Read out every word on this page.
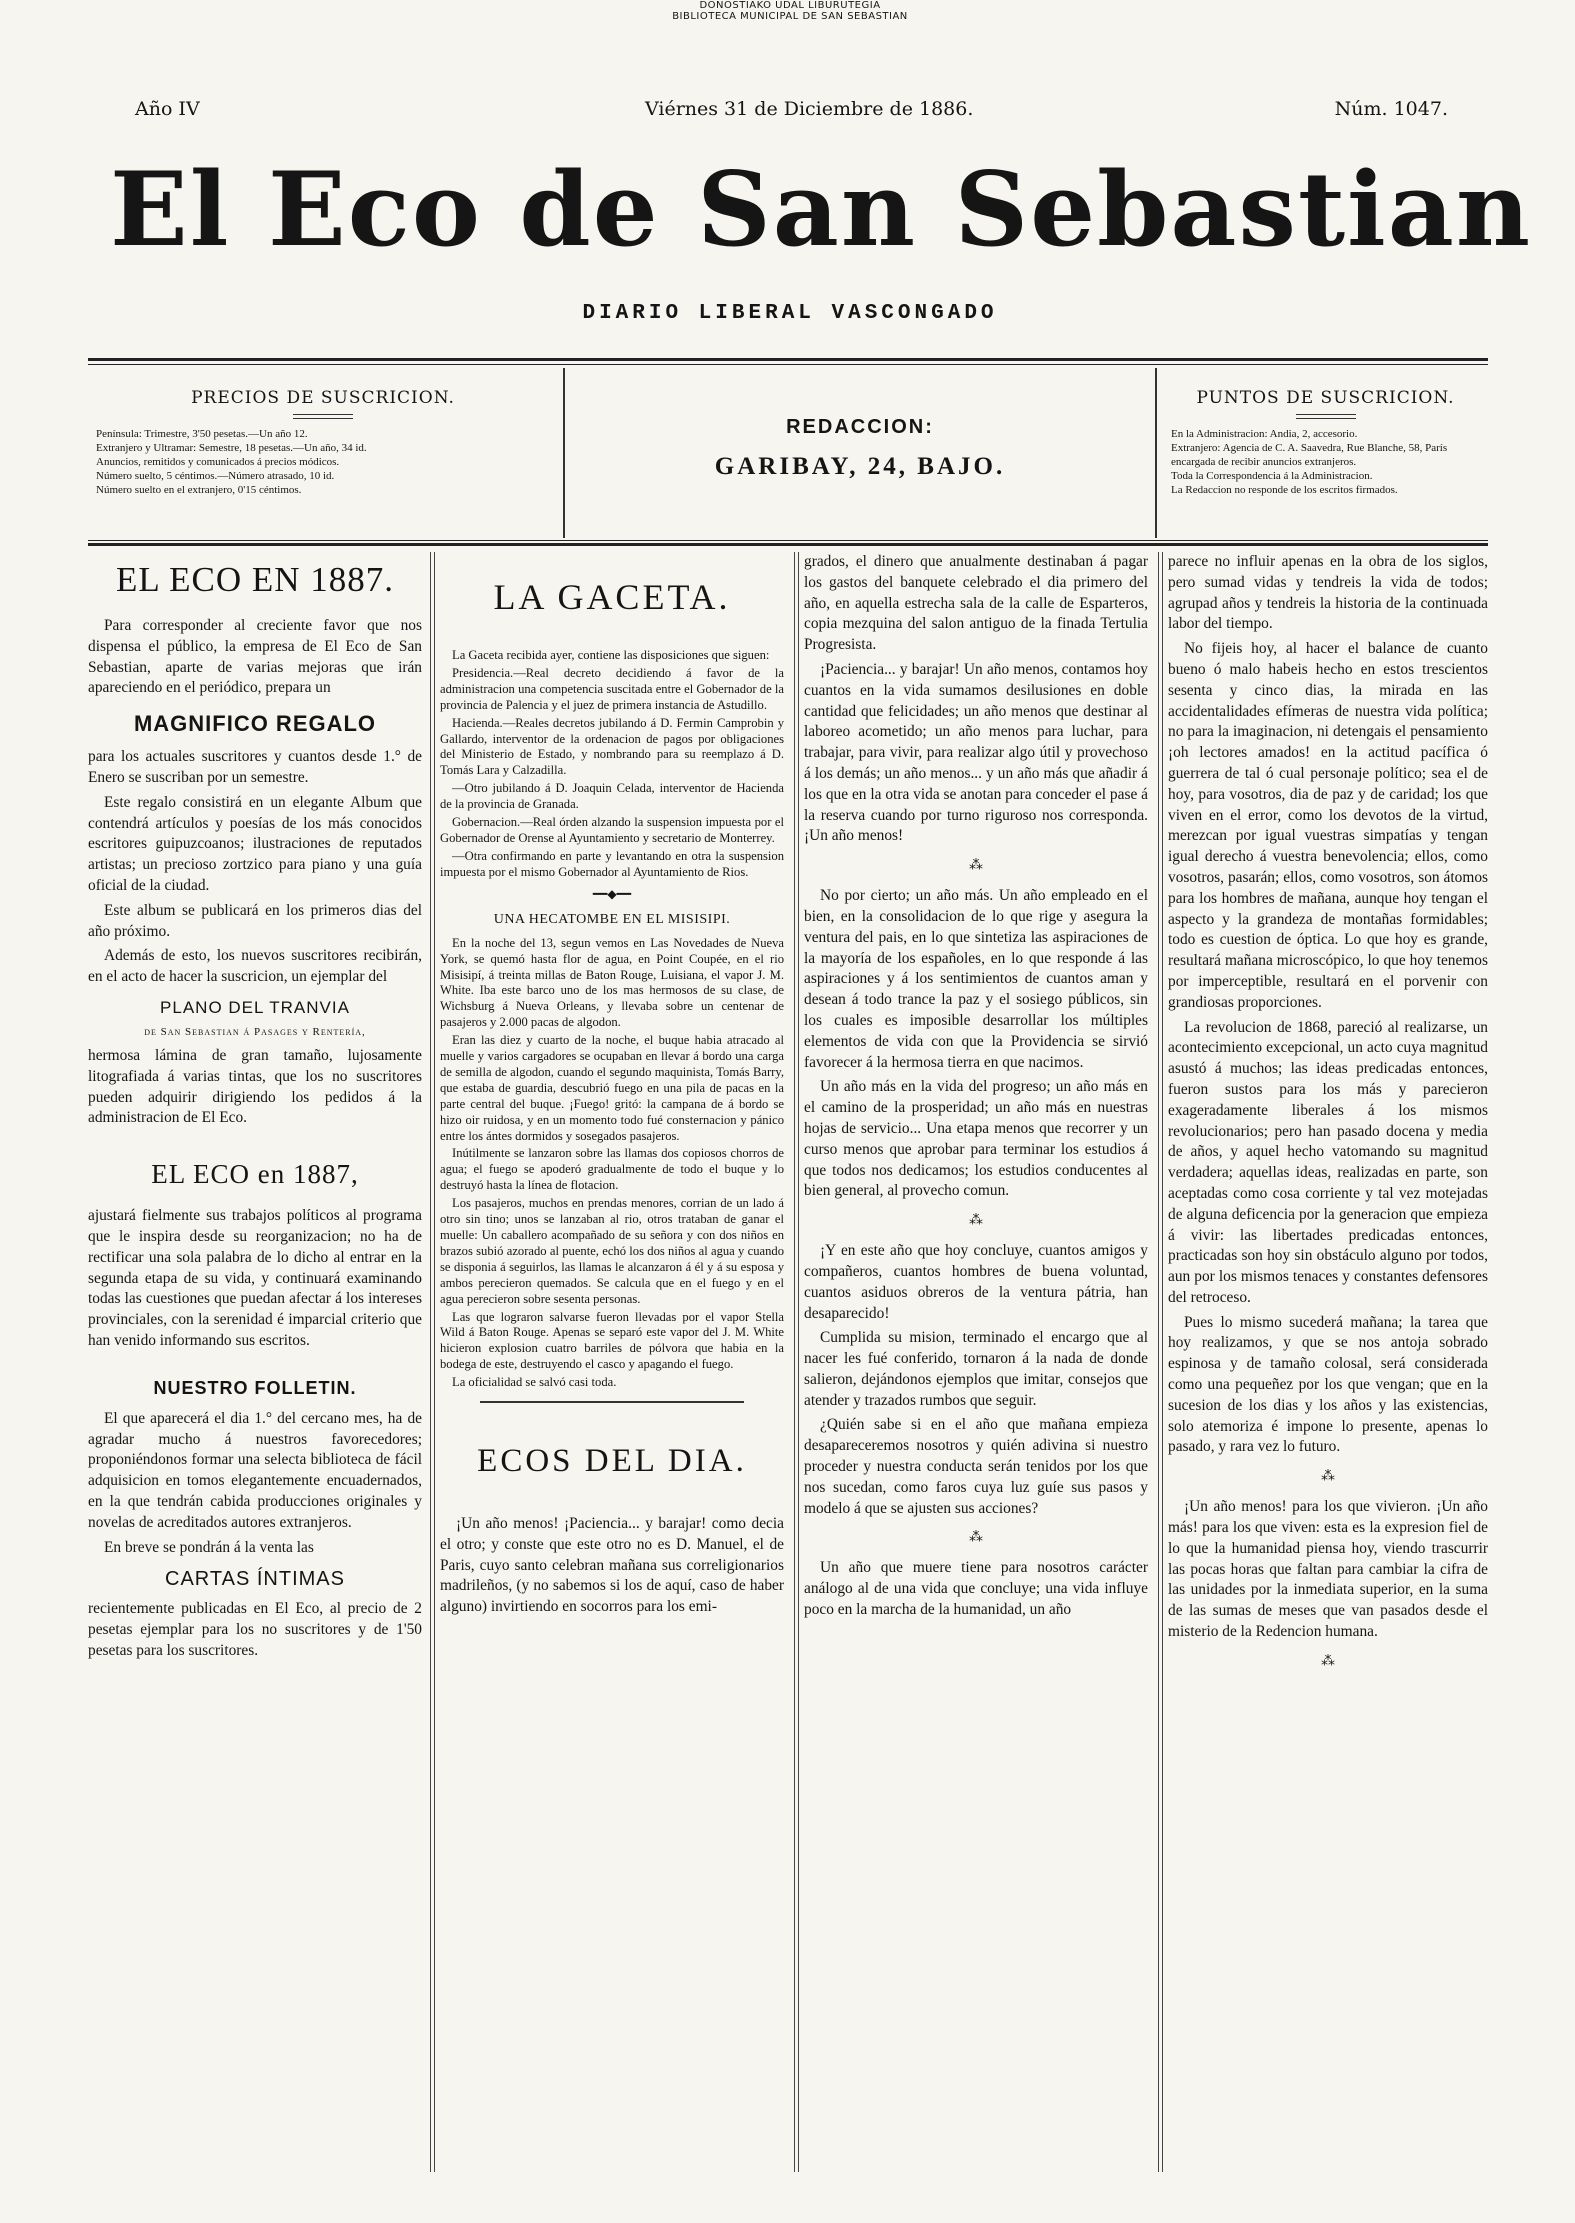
DONOSTIAKO UDAL LIBURUTEGIA
BIBLIOTECA MUNICIPAL DE SAN SEBASTIAN
Año IV	Viérnes 31 de Diciembre de 1886.	Núm. 1047.
El Eco de San Sebastian
DIARIO LIBERAL VASCONGADO
PRECIOS DE SUSCRICION.
Península: Trimestre, 3'50 pesetas.—Un año 12.
Extranjero y Ultramar: Semestre, 18 pesetas.—Un año, 34 id.
Anuncios, remitidos y comunicados á precios módicos.
Número suelto, 5 céntimos.—Número atrasado, 10 id.
Número suelto en el extranjero, 0'15 céntimos.
REDACCION:
GARIBAY, 24, BAJO.
PUNTOS DE SUSCRICION.
En la Administracion: Andia, 2, accesorio.
Extranjero: Agencia de C. A. Saavedra, Rue Blanche, 58, París encargada de recibir anuncios extranjeros.
Toda la Correspondencia á la Administracion.
La Redaccion no responde de los escritos firmados.
EL ECO EN 1887.

Para corresponder al creciente favor que nos dispensa el público, la empresa de El Eco de San Sebastian, aparte de varias mejoras que irán apareciendo en el periódico, prepara un

MAGNIFICO REGALO

para los actuales suscritores y cuantos desde 1.° de Enero se suscriban por un semestre.

Este regalo consistirá en un elegante Album que contendrá artículos y poesías de los más conocidos escritores guipuzcoanos; ilustraciones de reputados artistas; un precioso zortzico para piano y una guía oficial de la ciudad.

Este album se publicará en los primeros dias del año próximo.

Además de esto, los nuevos suscritores recibirán, en el acto de hacer la suscricion, un ejemplar del

PLANO DEL TRANVIA
de San Sebastian á Pasages y Rentería,

hermosa lámina de gran tamaño, lujosamente litografiada á varias tintas, que los no suscritores pueden adquirir dirigiendo los pedidos á la administracion de El Eco.

EL ECO en 1887,

ajustará fielmente sus trabajos políticos al programa que le inspira desde su reorganizacion; no ha de rectificar una sola palabra de lo dicho al entrar en la segunda etapa de su vida, y continuará examinando todas las cuestiones que puedan afectar á los intereses provinciales, con la serenidad é imparcial criterio que han venido informando sus escritos.

NUESTRO FOLLETIN.

El que aparecerá el dia 1.° del cercano mes, ha de agradar mucho á nuestros favorecedores; proponiéndonos formar una selecta biblioteca de fácil adquisicion en tomos elegantemente encuadernados, en la que tendrán cabida producciones originales y novelas de acreditados autores extranjeros.

En breve se pondrán á la venta las

CARTAS ÍNTIMAS

recientemente publicadas en El Eco, al precio de 2 pesetas ejemplar para los no suscritores y de 1'50 pesetas para los suscritores.

LA GACETA.

La Gaceta recibida ayer, contiene las disposiciones que siguen:

Presidencia.—Real decreto decidiendo á favor de la administracion una competencia suscitada entre el Gobernador de la provincia de Palencia y el juez de primera instancia de Astudillo.

Hacienda.—Reales decretos jubilando á D. Fermin Camprobin y Gallardo, interventor de la ordenacion de pagos por obligaciones del Ministerio de Estado, y nombrando para su reemplazo á D. Tomás Lara y Calzadilla.

—Otro jubilando á D. Joaquin Celada, interventor de Hacienda de la provincia de Granada.

Gobernacion.—Real órden alzando la suspension impuesta por el Gobernador de Orense al Ayuntamiento y secretario de Monterrey.

—Otra confirmando en parte y levantando en otra la suspension impuesta por el mismo Gobernador al Ayuntamiento de Rios.

━━◆━━
UNA HECATOMBE EN EL MISISIPI.

En la noche del 13, segun vemos en Las Novedades de Nueva York, se quemó hasta flor de agua, en Point Coupée, en el rio Misisipí, á treinta millas de Baton Rouge, Luisiana, el vapor J. M. White. Iba este barco uno de los mas hermosos de su clase, de Wichsburg á Nueva Orleans, y llevaba sobre un centenar de pasajeros y 2.000 pacas de algodon.

Eran las diez y cuarto de la noche, el buque habia atracado al muelle y varios cargadores se ocupaban en llevar á bordo una carga de semilla de algodon, cuando el segundo maquinista, Tomás Barry, que estaba de guardia, descubrió fuego en una pila de pacas en la parte central del buque. ¡Fuego! gritó: la campana de á bordo se hizo oir ruidosa, y en un momento todo fué consternacion y pánico entre los ántes dormidos y sosegados pasajeros.

Inútilmente se lanzaron sobre las llamas dos copiosos chorros de agua; el fuego se apoderó gradualmente de todo el buque y lo destruyó hasta la línea de flotacion.

Los pasajeros, muchos en prendas menores, corrian de un lado á otro sin tino; unos se lanzaban al rio, otros trataban de ganar el muelle: Un caballero acompañado de su señora y con dos niños en brazos subió azorado al puente, echó los dos niños al agua y cuando se disponia á seguirlos, las llamas le alcanzaron á él y á su esposa y ambos perecieron quemados. Se calcula que en el fuego y en el agua perecieron sobre sesenta personas.

Las que lograron salvarse fueron llevadas por el vapor Stella Wild á Baton Rouge. Apenas se separó este vapor del J. M. White hicieron explosion cuatro barriles de pólvora que habia en la bodega de este, destruyendo el casco y apagando el fuego.

La oficialidad se salvó casi toda.

ECOS DEL DIA.

¡Un año menos! ¡Paciencia... y barajar! como decia el otro; y conste que este otro no es D. Manuel, el de Paris, cuyo santo celebran mañana sus correligionarios madrileños, (y no sabemos si los de aquí, caso de haber alguno) invirtiendo en socorros para los emi-

grados, el dinero que anualmente destinaban á pagar los gastos del banquete celebrado el dia primero del año, en aquella estrecha sala de la calle de Esparteros, copia mezquina del salon antiguo de la finada Tertulia Progresista.

¡Paciencia... y barajar! Un año menos, contamos hoy cuantos en la vida sumamos desilusiones en doble cantidad que felicidades; un año menos que destinar al laboreo acometido; un año menos para luchar, para trabajar, para vivir, para realizar algo útil y provechoso á los demás; un año menos... y un año más que añadir á los que en la otra vida se anotan para conceder el pase á la reserva cuando por turno riguroso nos corresponda. ¡Un año menos!

⁂

No por cierto; un año más. Un año empleado en el bien, en la consolidacion de lo que rige y asegura la ventura del pais, en lo que sintetiza las aspiraciones de la mayoría de los españoles, en lo que responde á las aspiraciones y á los sentimientos de cuantos aman y desean á todo trance la paz y el sosiego públicos, sin los cuales es imposible desarrollar los múltiples elementos de vida con que la Providencia se sirvió favorecer á la hermosa tierra en que nacimos.

Un año más en la vida del progreso; un año más en el camino de la prosperidad; un año más en nuestras hojas de servicio... Una etapa menos que recorrer y un curso menos que aprobar para terminar los estudios á que todos nos dedicamos; los estudios conducentes al bien general, al provecho comun.

⁂

¡Y en este año que hoy concluye, cuantos amigos y compañeros, cuantos hombres de buena voluntad, cuantos asiduos obreros de la ventura pátria, han desaparecido!

Cumplida su mision, terminado el encargo que al nacer les fué conferido, tornaron á la nada de donde salieron, dejándonos ejemplos que imitar, consejos que atender y trazados rumbos que seguir.

¿Quién sabe si en el año que mañana empieza desapareceremos nosotros y quién adivina si nuestro proceder y nuestra conducta serán tenidos por los que nos sucedan, como faros cuya luz guíe sus pasos y modelo á que se ajusten sus acciones?

⁂

Un año que muere tiene para nosotros carácter análogo al de una vida que concluye; una vida influye poco en la marcha de la humanidad, un año

parece no influir apenas en la obra de los siglos, pero sumad vidas y tendreis la vida de todos; agrupad años y tendreis la historia de la continuada labor del tiempo.

No fijeis hoy, al hacer el balance de cuanto bueno ó malo habeis hecho en estos trescientos sesenta y cinco dias, la mirada en las accidentalidades efímeras de nuestra vida política; no para la imaginacion, ni detengais el pensamiento ¡oh lectores amados! en la actitud pacífica ó guerrera de tal ó cual personaje político; sea el de hoy, para vosotros, dia de paz y de caridad; los que viven en el error, como los devotos de la virtud, merezcan por igual vuestras simpatías y tengan igual derecho á vuestra benevolencia; ellos, como vosotros, pasarán; ellos, como vosotros, son átomos para los hombres de mañana, aunque hoy tengan el aspecto y la grandeza de montañas formidables; todo es cuestion de óptica. Lo que hoy es grande, resultará mañana microscópico, lo que hoy tenemos por imperceptible, resultará en el porvenir con grandiosas proporciones.

La revolucion de 1868, pareció al realizarse, un acontecimiento excepcional, un acto cuya magnitud asustó á muchos; las ideas predicadas entonces, fueron sustos para los más y parecieron exageradamente liberales á los mismos revolucionarios; pero han pasado docena y media de años, y aquel hecho vatomando su magnitud verdadera; aquellas ideas, realizadas en parte, son aceptadas como cosa corriente y tal vez motejadas de alguna deficencia por la generacion que empieza á vivir: las libertades predicadas entonces, practicadas son hoy sin obstáculo alguno por todos, aun por los mismos tenaces y constantes defensores del retroceso.

Pues lo mismo sucederá mañana; la tarea que hoy realizamos, y que se nos antoja sobrado espinosa y de tamaño colosal, será considerada como una pequeñez por los que vengan; que en la sucesion de los dias y los años y las existencias, solo atemoriza é impone lo presente, apenas lo pasado, y rara vez lo futuro.

⁂

¡Un año menos! para los que vivieron. ¡Un año más! para los que viven: esta es la expresion fiel de lo que la humanidad piensa hoy, viendo trascurrir las pocas horas que faltan para cambiar la cifra de las unidades por la inmediata superior, en la suma de las sumas de meses que van pasados desde el misterio de la Redencion humana.

⁂
